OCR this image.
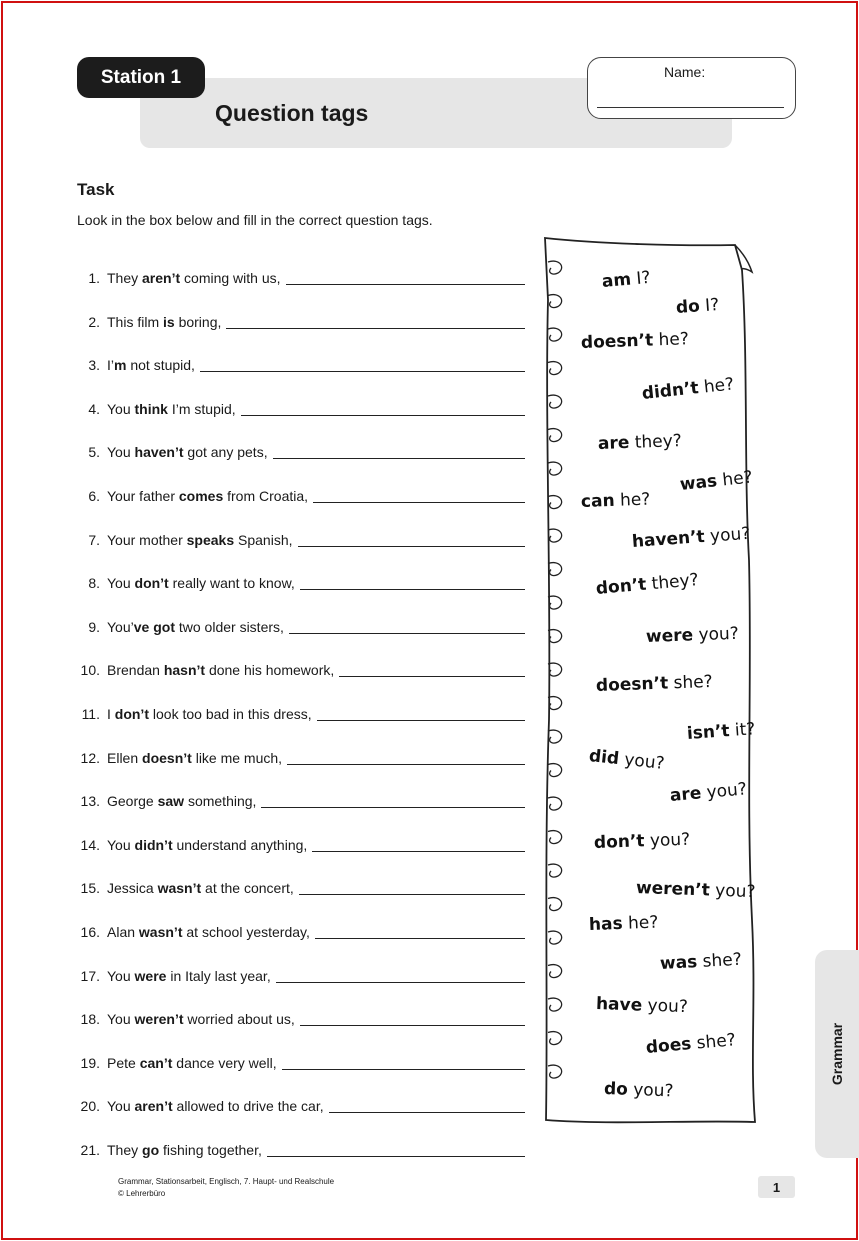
Station 1
Question tags
Name:
Task
Look in the box below and fill in the correct question tags.
1. They aren’t coming with us,
2. This film is boring,
3. I’m not stupid,
4. You think I’m stupid,
5. You haven’t got any pets,
6. Your father comes from Croatia,
7. Your mother speaks Spanish,
8. You don’t really want to know,
9. You’ve got two older sisters,
10. Brendan hasn’t done his homework,
11. I don’t look too bad in this dress,
12. Ellen doesn’t like me much,
13. George saw something,
14. You didn’t understand anything,
15. Jessica wasn’t at the concert,
16. Alan wasn’t at school yesterday,
17. You were in Italy last year,
18. You weren’t worried about us,
19. Pete can’t dance very well,
20. You aren’t allowed to drive the car,
21. They go fishing together,
am I?
do I?
doesn’t he?
didn’t he?
are they?
was he?
can he?
haven’t you?
don’t they?
were you?
doesn’t she?
isn’t it?
did you?
are you?
don’t you?
weren’t you?
has he?
was she?
have you?
does she?
do you?
Grammar
Grammar, Stationsarbeit, Englisch, 7. Haupt- und Realschule
© Lehrerbüro	1
